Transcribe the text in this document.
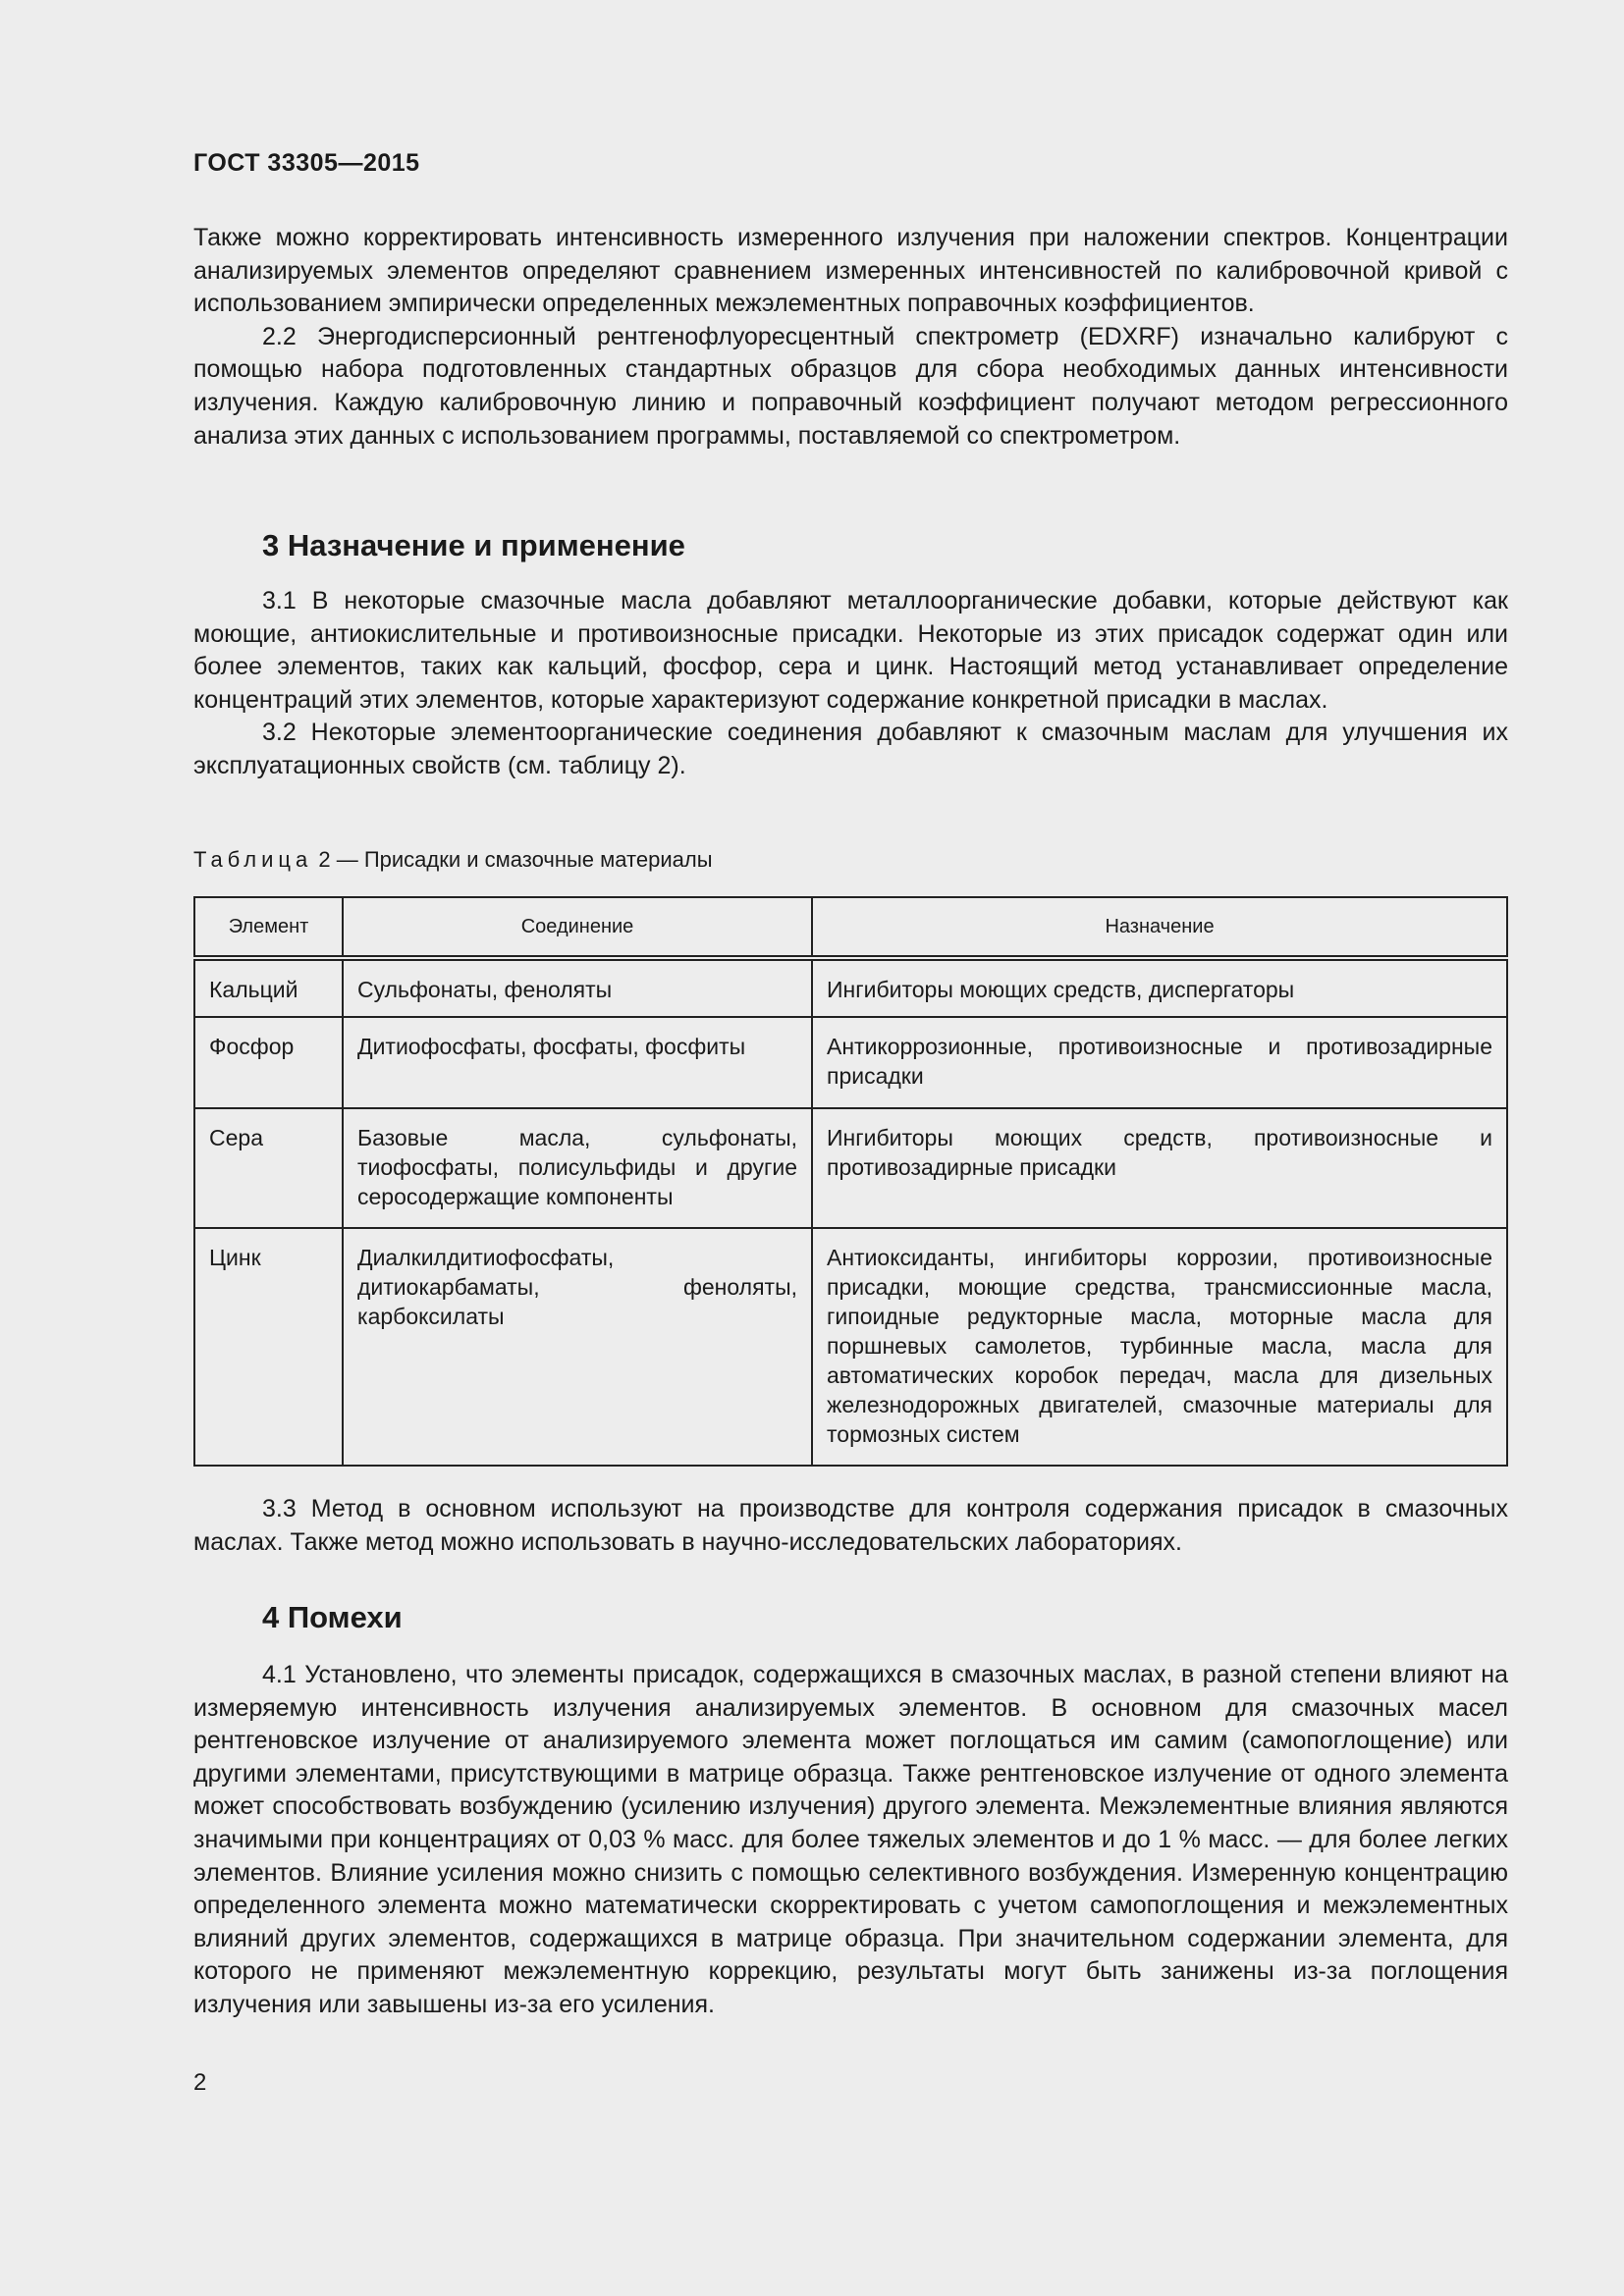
ГОСТ 33305—2015

Также можно корректировать интенсивность измеренного излучения при наложении спектров. Концентрации анализируемых элементов определяют сравнением измеренных интенсивностей по калибровочной кривой с использованием эмпирически определенных межэлементных поправочных коэффициентов.

2.2 Энергодисперсионный рентгенофлуоресцентный спектрометр (EDXRF) изначально калибруют с помощью набора подготовленных стандартных образцов для сбора необходимых данных интенсивности излучения. Каждую калибровочную линию и поправочный коэффициент получают методом регрессионного анализа этих данных с использованием программы, поставляемой со спектрометром.

3 Назначение и применение

3.1 В некоторые смазочные масла добавляют металлоорганические добавки, которые действуют как моющие, антиокислительные и противоизносные присадки. Некоторые из этих присадок содержат один или более элементов, таких как кальций, фосфор, сера и цинк. Настоящий метод устанавливает определение концентраций этих элементов, которые характеризуют содержание конкретной присадки в маслах.

3.2 Некоторые элементоорганические соединения добавляют к смазочным маслам для улучшения их эксплуатационных свойств (см. таблицу 2).

Таблица 2 — Присадки и смазочные материалы
Элемент	Соединение	Назначение
Кальций	Сульфонаты, феноляты	Ингибиторы моющих средств, диспергаторы
Фосфор	Дитиофосфаты, фосфаты, фосфиты	Антикоррозионные, противоизносные и противозадирные присадки
Сера	Базовые масла, сульфонаты, тиофосфаты, полисульфиды и другие серосодержащие компоненты	Ингибиторы моющих средств, противоизносные и противозадирные присадки
Цинк	Диалкилдитиофосфаты, дитиокарбаматы, феноляты, карбоксилаты	Антиоксиданты, ингибиторы коррозии, противоизносные присадки, моющие средства, трансмиссионные масла, гипоидные редукторные масла, моторные масла для поршневых самолетов, турбинные масла, масла для автоматических коробок передач, масла для дизельных железнодорожных двигателей, смазочные материалы для тормозных систем

3.3 Метод в основном используют на производстве для контроля содержания присадок в смазочных маслах. Также метод можно использовать в научно-исследовательских лабораториях.

4 Помехи

4.1 Установлено, что элементы присадок, содержащихся в смазочных маслах, в разной степени влияют на измеряемую интенсивность излучения анализируемых элементов. В основном для смазочных масел рентгеновское излучение от анализируемого элемента может поглощаться им самим (самопоглощение) или другими элементами, присутствующими в матрице образца. Также рентгеновское излучение от одного элемента может способствовать возбуждению (усилению излучения) другого элемента. Межэлементные влияния являются значимыми при концентрациях от 0,03 % масс. для более тяжелых элементов и до 1 % масс. — для более легких элементов. Влияние усиления можно снизить с помощью селективного возбуждения. Измеренную концентрацию определенного элемента можно математически скорректировать с учетом самопоглощения и межэлементных влияний других элементов, содержащихся в матрице образца. При значительном содержании элемента, для которого не применяют межэлементную коррекцию, результаты могут быть занижены из-за поглощения излучения или завышены из-за его усиления.

2
